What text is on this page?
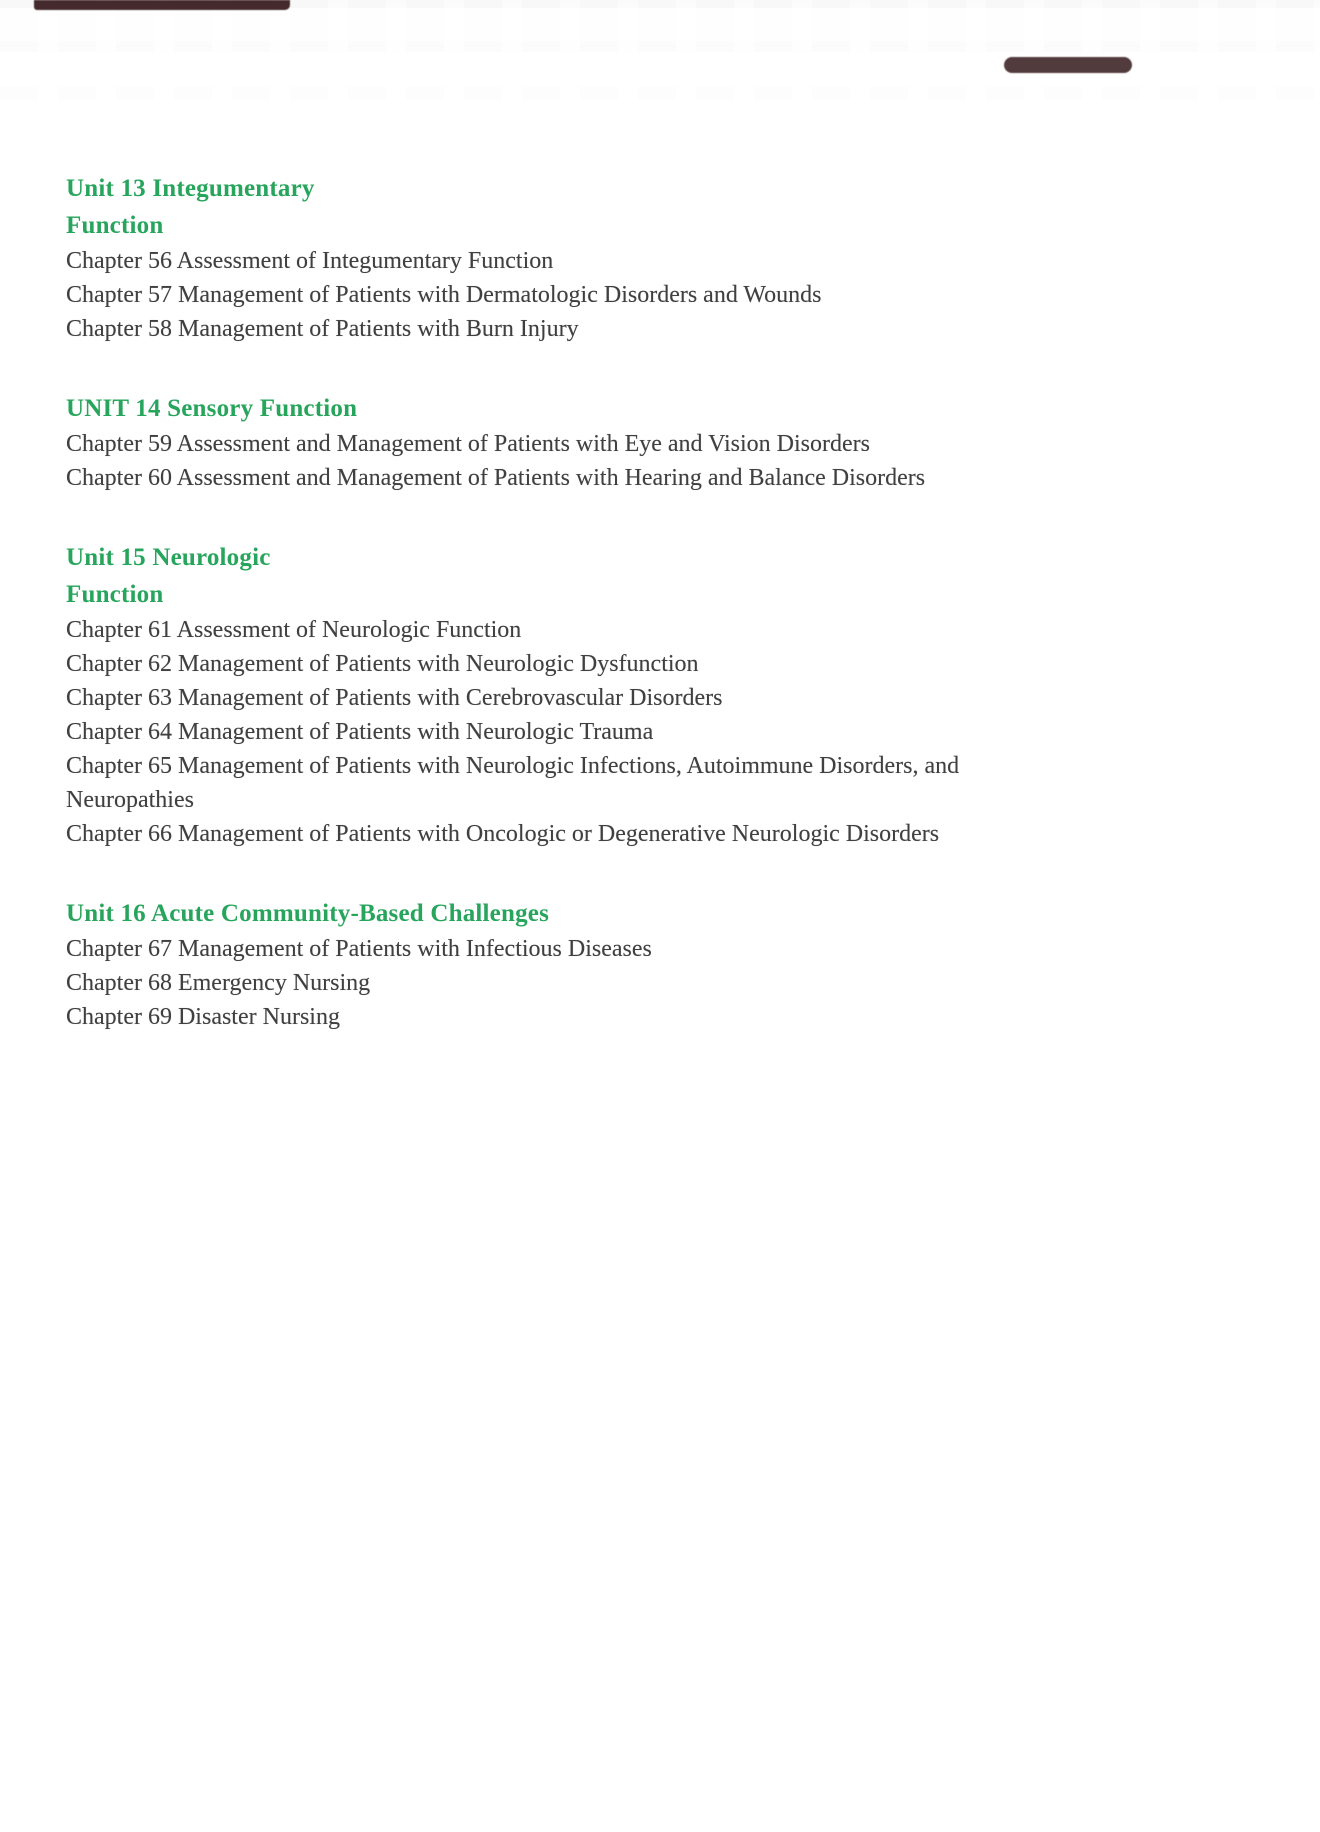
Unit 13 Integumentary
Function
Chapter 56 Assessment of Integumentary Function
Chapter 57 Management of Patients with Dermatologic Disorders and Wounds
Chapter 58 Management of Patients with Burn Injury
UNIT 14 Sensory Function
Chapter 59 Assessment and Management of Patients with Eye and Vision Disorders
Chapter 60 Assessment and Management of Patients with Hearing and Balance Disorders
Unit 15 Neurologic
Function
Chapter 61 Assessment of Neurologic Function
Chapter 62 Management of Patients with Neurologic Dysfunction
Chapter 63 Management of Patients with Cerebrovascular Disorders
Chapter 64 Management of Patients with Neurologic Trauma
Chapter 65 Management of Patients with Neurologic Infections, Autoimmune Disorders, and
Neuropathies
Chapter 66 Management of Patients with Oncologic or Degenerative Neurologic Disorders
Unit 16 Acute Community-Based Challenges
Chapter 67 Management of Patients with Infectious Diseases
Chapter 68 Emergency Nursing
Chapter 69 Disaster Nursing
